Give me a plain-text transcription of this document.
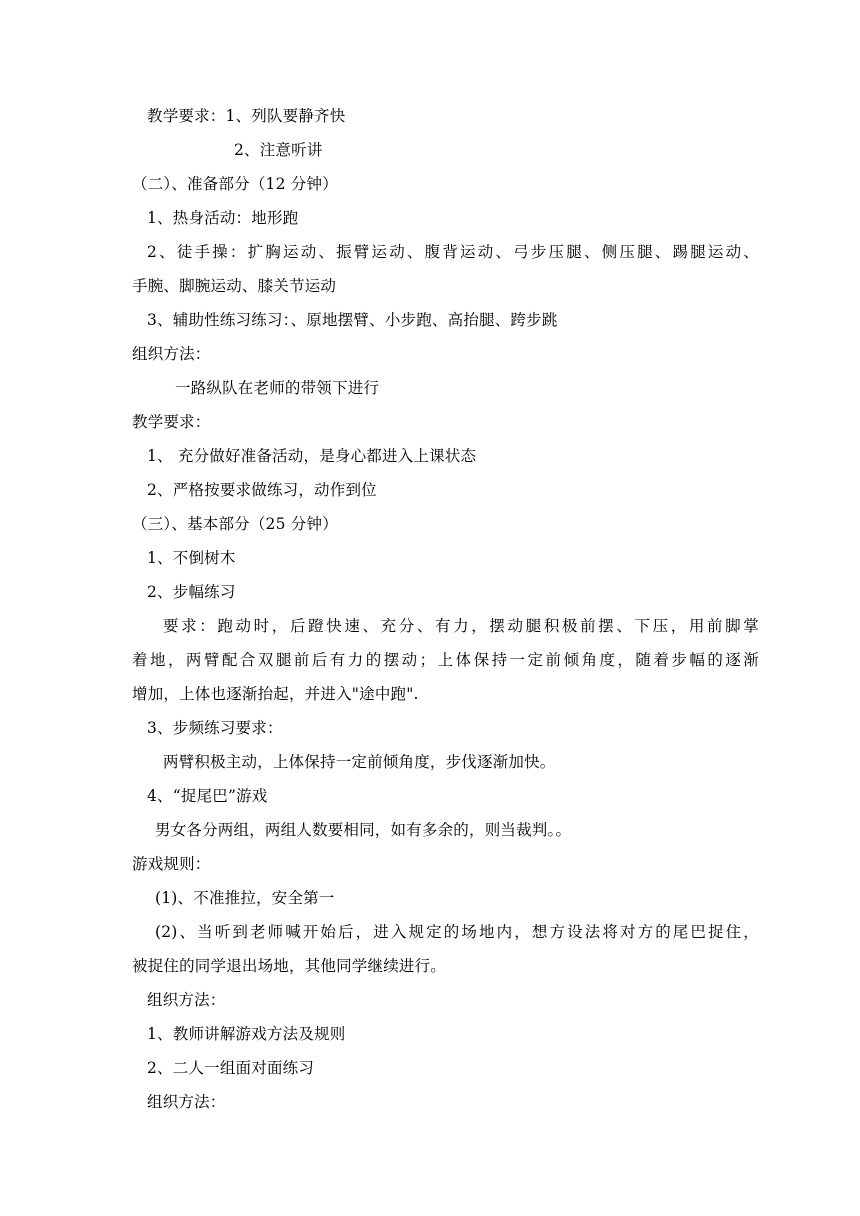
教学要求：1、列队要静齐快
2、注意听讲
（二）、准备部分（12 分钟）
1、热身活动：地形跑
2、徒手操：扩胸运动、振臂运动、腹背运动、弓步压腿、侧压腿、踢腿运动、
手腕、脚腕运动、膝关节运动
3、辅助性练习练习：、原地摆臂、小步跑、高抬腿、跨步跳
组织方法：
一路纵队在老师的带领下进行
教学要求：
1、 充分做好准备活动，是身心都进入上课状态
2、严格按要求做练习，动作到位
（三）、基本部分（25 分钟）
1、不倒树木
2、步幅练习
要求：跑动时，后蹬快速、充分、有力，摆动腿积极前摆、下压，用前脚掌
着地，两臂配合双腿前后有力的摆动；上体保持一定前倾角度，随着步幅的逐渐
增加，上体也逐渐抬起，并进入"途中跑".
3、步频练习要求：
两臂积极主动，上体保持一定前倾角度，步伐逐渐加快。
4、“捉尾巴”游戏
男女各分两组，两组人数要相同，如有多余的，则当裁判。。
游戏规则：
(1)、不准推拉，安全第一
(2)、当听到老师喊开始后，进入规定的场地内，想方设法将对方的尾巴捉住，
被捉住的同学退出场地，其他同学继续进行。
组织方法：
1、教师讲解游戏方法及规则
2、二人一组面对面练习
组织方法：
